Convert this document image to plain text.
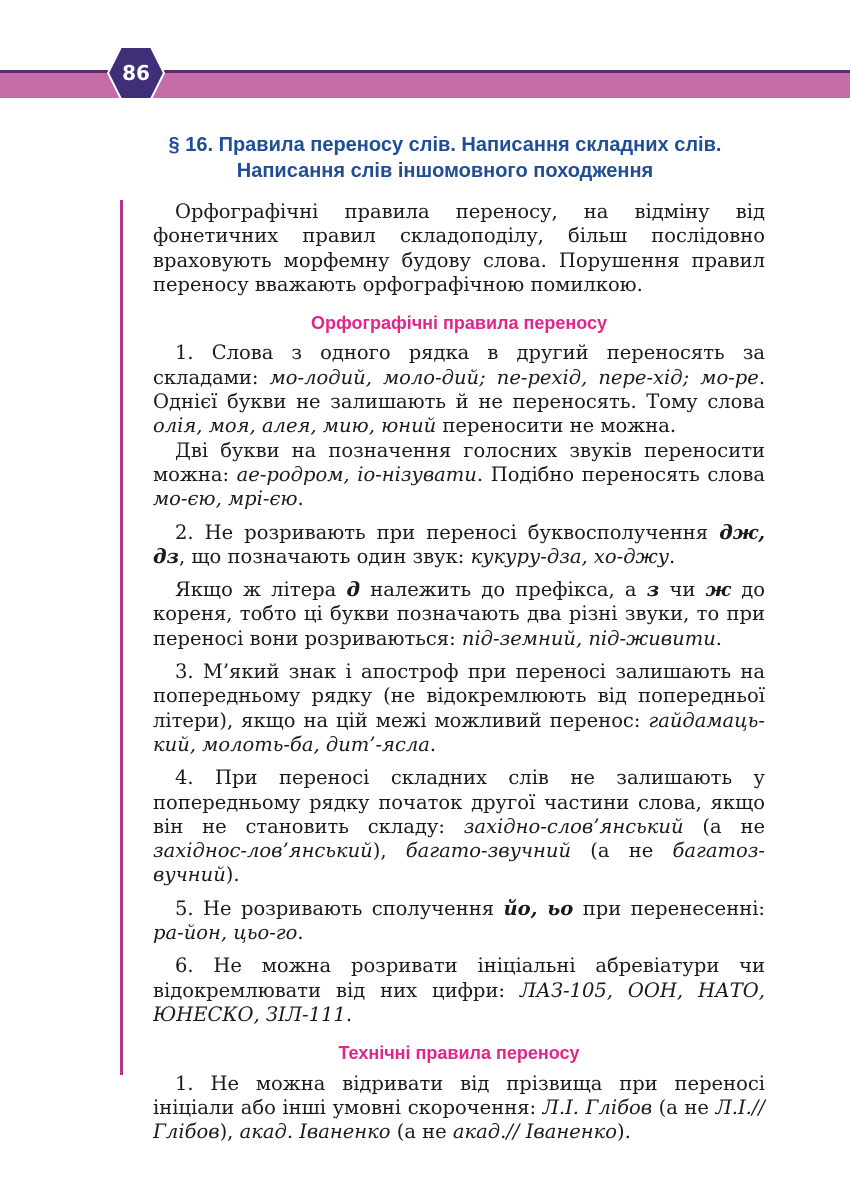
86
§ 16. Правила переносу слів. Написання складних слів.
Написання слів іншомовного походження

Орфографічні правила переносу, на відміну від фонетичних правил складоподілу, більш послідовно враховують морфемну будову слова. Порушення правил переносу вважають орфографічною помилкою.

Орфографічні правила переносу

1. Слова з одного рядка в другий переносять за складами: мо-лодий, моло-дий; пе-рехід, пере-хід; мо-ре. Однієї букви не залишають й не переносять. Тому слова олія, моя, алея, мию, юний переносити не можна.

Дві букви на позначення голосних звуків переносити можна: ае-родром, іо-нізувати. Подібно переносять слова мо-єю, мрі-єю.

2. Не розривають при переносі буквосполучення дж, дз, що позначають один звук: кукуру-дза, хо-джу.

Якщо ж літера д належить до префікса, а з чи ж до кореня, тобто ці букви позначають два різні звуки, то при переносі вони розриваються: під-земний, під-живити.

3. М’який знак і апостроф при переносі залишають на попередньому рядку (не відокремлюють від попередньої літери), якщо на цій межі можливий перенос: гайдамаць-кий, молоть-ба, дит’-ясла.

4. При переносі складних слів не залишають у попередньому рядку початок другої частини слова, якщо він не становить складу: західно-слов’янський (а не західнос-лов’янський), багато-звучний (а не багатоз-вучний).

5. Не розривають сполучення йо, ьо при перенесенні: ра-йон, цьо-го.

6. Не можна розривати ініціальні абревіатури чи відокремлювати від них цифри: ЛАЗ-105, ООН, НАТО, ЮНЕСКО, ЗІЛ-111.

Технічні правила переносу

1. Не можна відривати від прізвища при переносі ініціали або інші умовні скорочення: Л.І. Глібов (а не Л.І.// Глібов), акад. Іваненко (а не акад.// Іваненко).
